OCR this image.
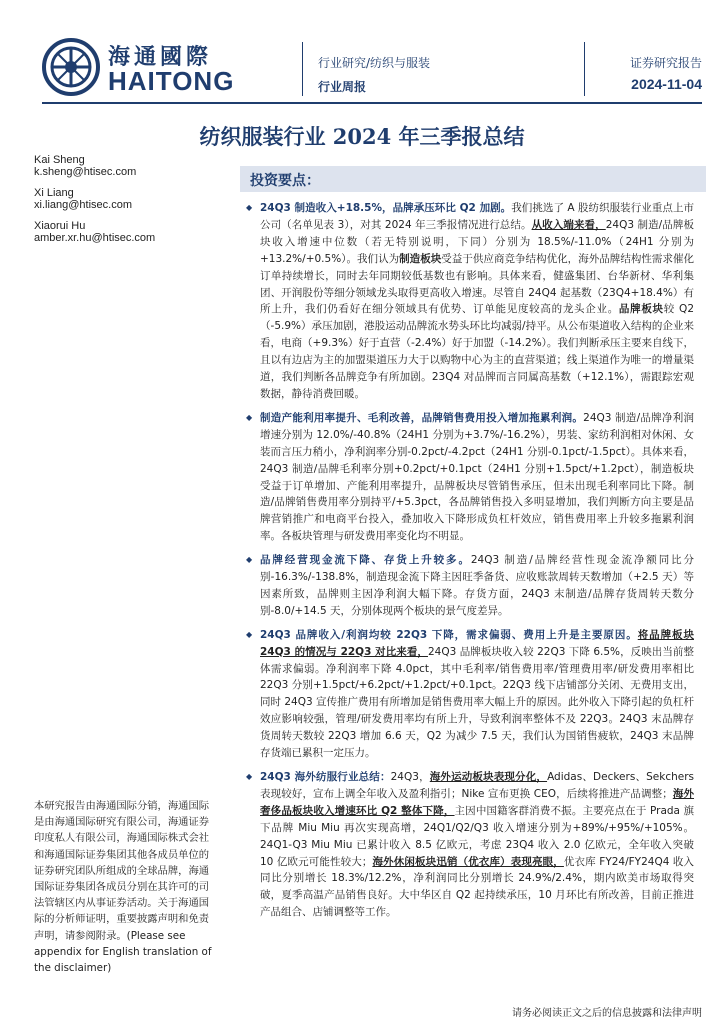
海通國際
HAITONG
行业研究/纺织与服装
行业周报
证券研究报告
2024-11-04
纺织服装行业 2024 年三季报总结
Kai Sheng
k.sheng@htisec.com
Xi Liang
xi.liang@htisec.com
Xiaorui Hu
amber.xr.hu@htisec.com
投资要点：
◆ 24Q3 制造收入+18.5%，品牌承压环比 Q2 加剧。我们挑选了 A 股纺织服装行业重点上市公司（名单见表 3），对其 2024 年三季报情况进行总结。从收入端来看，24Q3 制造/品牌板块收入增速中位数（若无特别说明，下同）分别为 18.5%/-11.0%（24H1 分别为+13.2%/+0.5%）。我们认为制造板块受益于供应商竞争结构优化，海外品牌结构性需求催化订单持续增长，同时去年同期较低基数也有影响。具体来看，健盛集团、台华新材、华利集团、开润股份等细分领域龙头取得更高收入增速。尽管自 24Q4 起基数（23Q4+18.4%）有所上升，我们仍看好在细分领域具有优势、订单能见度较高的龙头企业。品牌板块较 Q2（-5.9%）承压加剧，港股运动品牌流水势头环比均减弱/持平。从公布渠道收入结构的企业来看，电商（+9.3%）好于直营（-2.4%）好于加盟（-14.2%）。我们判断承压主要来自线下，且以有边店为主的加盟渠道压力大于以购物中心为主的直营渠道；线上渠道作为唯一的增量渠道，我们判断各品牌竞争有所加剧。23Q4 对品牌而言同属高基数（+12.1%），需跟踪宏观数据，静待消费回暖。
◆ 制造产能利用率提升、毛利改善，品牌销售费用投入增加拖累利润。24Q3 制造/品牌净利润增速分别为 12.0%/-40.8%（24H1 分别为+3.7%/-16.2%），男装、家纺利润相对休闲、女装而言压力稍小，净利润率分别-0.2pct/-4.2pct（24H1 分别-0.1pct/-1.5pct）。具体来看，24Q3 制造/品牌毛利率分别+0.2pct/+0.1pct（24H1 分别+1.5pct/+1.2pct），制造板块受益于订单增加、产能利用率提升，品牌板块尽管销售承压，但未出现毛利率同比下降。制造/品牌销售费用率分别持平/+5.3pct，各品牌销售投入多明显增加，我们判断方向主要是品牌营销推广和电商平台投入，叠加收入下降形成负杠杆效应，销售费用率上升较多拖累利润率。各板块管理与研发费用率变化均不明显。
◆ 品牌经营现金流下降、存货上升较多。24Q3 制造/品牌经营性现金流净额同比分别-16.3%/-138.8%，制造现金流下降主因旺季备货、应收账款周转天数增加（+2.5 天）等因素所致，品牌则主因净利润大幅下降。存货方面，24Q3 末制造/品牌存货周转天数分别-8.0/+14.5 天，分别体现两个板块的景气度差异。
◆ 24Q3 品牌收入/利润均较 22Q3 下降，需求偏弱、费用上升是主要原因。将品牌板块 24Q3 的情况与 22Q3 对比来看，24Q3 品牌板块收入较 22Q3 下降 6.5%，反映出当前整体需求偏弱。净利润率下降 4.0pct，其中毛利率/销售费用率/管理费用率/研发费用率相比 22Q3 分别+1.5pct/+6.2pct/+1.2pct/+0.1pct。22Q3 线下店铺部分关闭、无费用支出，同时 24Q3 宣传推广费用有所增加是销售费用率大幅上升的原因。此外收入下降引起的负杠杆效应影响较强，管理/研发费用率均有所上升，导致利润率整体不及 22Q3。24Q3 末品牌存货周转天数较 22Q3 增加 6.6 天，Q2 为减少 7.5 天，我们认为国销售疲软，24Q3 末品牌存货端已累积一定压力。
◆ 24Q3 海外纺服行业总结：24Q3，海外运动板块表现分化，Adidas、Deckers、Sekchers 表现较好，宣布上调全年收入及盈利指引；Nike 宣布更换 CEO，后续将推进产品调整；海外奢侈品板块收入增速环比 Q2 整体下降，主因中国籍客群消费不振。主要亮点在于 Prada 旗下品牌 Miu Miu 再次实现高增，24Q1/Q2/Q3 收入增速分别为+89%/+95%/+105%。24Q1-Q3 Miu Miu 已累计收入 8.5 亿欧元，考虑 23Q4 收入 2.0 亿欧元，全年收入突破 10 亿欧元可能性较大；海外休闲板块迅销（优衣库）表现亮眼，优衣库 FY24/FY24Q4 收入同比分别增长 18.3%/12.2%，净利润同比分别增长 24.9%/2.4%，期内欧美市场取得突破，夏季高温产品销售良好。大中华区自 Q2 起持续承压，10 月环比有所改善，目前正推进产品组合、店铺调整等工作。
本研究报告由海通国际分销，海通国际是由海通国际研究有限公司，海通证券印度私人有限公司，海通国际株式会社和海通国际证券集团其他各成员单位的证券研究团队所组成的全球品牌，海通国际证券集团各成员分别在其许可的司法管辖区内从事证券活动。关于海通国际的分析师证明，重要披露声明和免责声明，请参阅附录。(Please see appendix for English translation of the disclaimer)
请务必阅读正文之后的信息披露和法律声明
